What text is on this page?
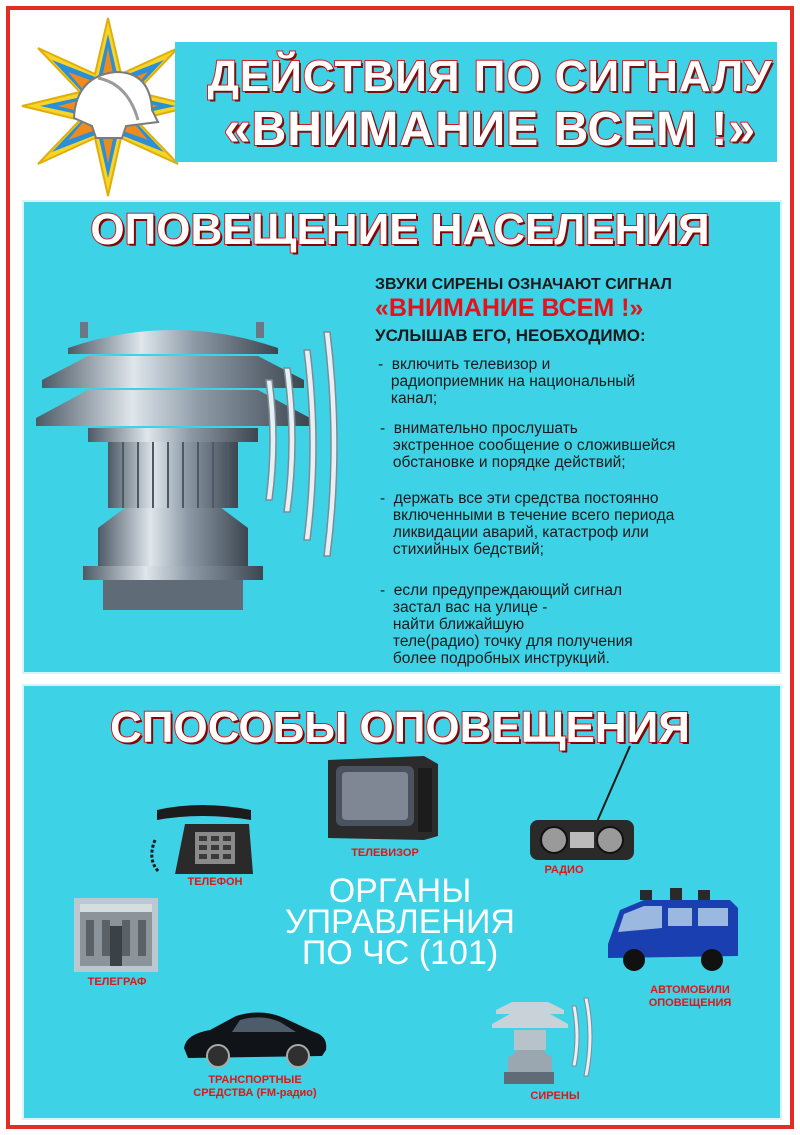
ДЕЙСТВИЯ ПО СИГНАЛУ
«ВНИМАНИЕ ВСЕМ !»
ОПОВЕЩЕНИЕ НАСЕЛЕНИЯ
ЗВУКИ СИРЕНЫ ОЗНАЧАЮТ СИГНАЛ
«ВНИМАНИЕ ВСЕМ !»
УСЛЫШАВ ЕГО, НЕОБХОДИМО:
-  включить телевизор и
радиоприемник на национальный
канал;
-  внимательно прослушать
экстренное сообщение о сложившейся
обстановке и порядке действий;
-  держать все эти средства постоянно
включенными в течение всего периода
ликвидации аварий, катастроф или
стихийных бедствий;
-  если предупреждающий сигнал
застал вас на улице -
найти ближайшую
теле(радио) точку для получения
более подробных инструкций.
СПОСОБЫ ОПОВЕЩЕНИЯ
ТЕЛЕВИЗОР
ТЕЛЕФОН
РАДИО
ОРГАНЫ
УПРАВЛЕНИЯ
ПО ЧС (101)
ТЕЛЕГРАФ
АВТОМОБИЛИ
ОПОВЕЩЕНИЯ
ТРАНСПОРТНЫЕ
СРЕДСТВА (FM-радио)	СИРЕНЫ
